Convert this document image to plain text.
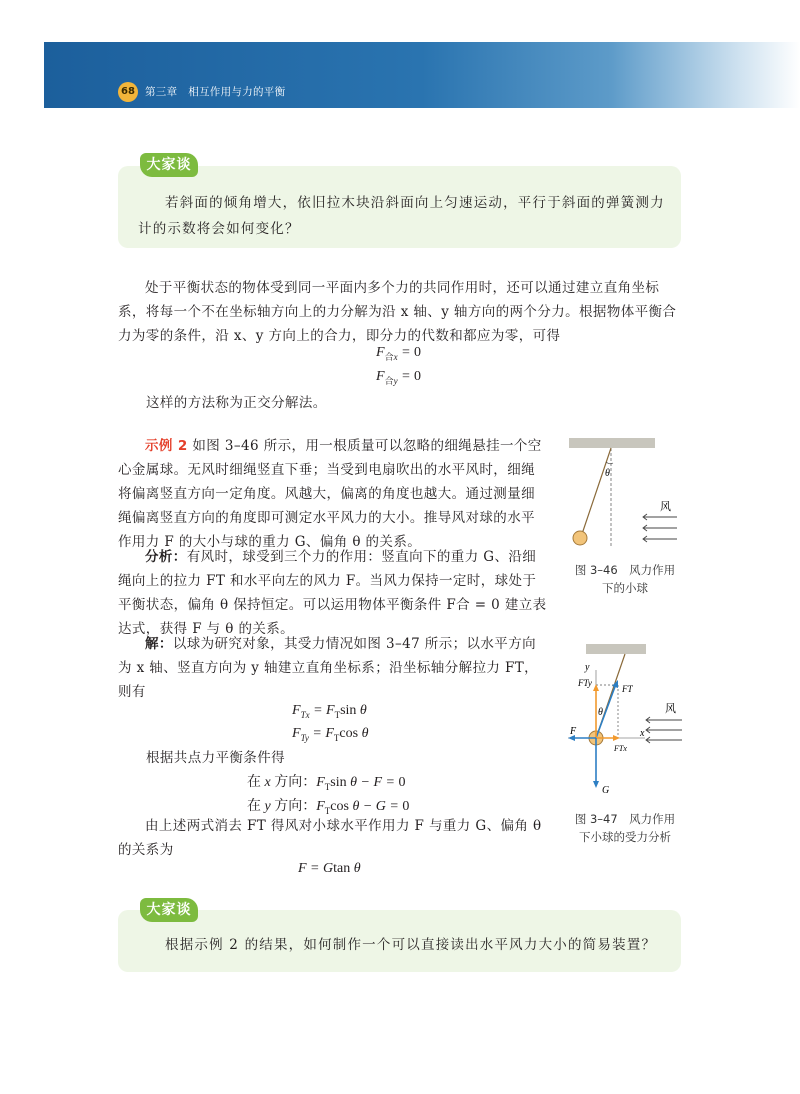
68 第三章　相互作用与力的平衡
大家谈
若斜面的倾角增大，依旧拉木块沿斜面向上匀速运动，平行于斜面的弹簧测力计的示数将会如何变化？
处于平衡状态的物体受到同一平面内多个力的共同作用时，还可以通过建立直角坐标系，将每一个不在坐标轴方向上的力分解为沿 x 轴、y 轴方向的两个分力。根据物体平衡合力为零的条件，沿 x、y 方向上的合力，即分力的代数和都应为零，可得
$F_{合x} = 0$
$F_{合y} = 0$
这样的方法称为正交分解法。
示例 2 如图 3–46 所示，用一根质量可以忽略的细绳悬挂一个空心金属球。无风时细绳竖直下垂；当受到电扇吹出的水平风时，细绳将偏离竖直方向一定角度。风越大，偏离的角度也越大。通过测量细绳偏离竖直方向的角度即可测定水平风力的大小。推导风对球的水平作用力 F 的大小与球的重力 G、偏角 θ 的关系。
分析：有风时，球受到三个力的作用：竖直向下的重力 G、沿细绳向上的拉力 FT 和水平向左的风力 F。当风力保持一定时，球处于平衡状态，偏角 θ 保持恒定。可以运用物体平衡条件 F合 = 0 建立表达式，获得 F 与 θ 的关系。
解：以球为研究对象，其受力情况如图 3–47 所示；以水平方向为 x 轴、竖直方向为 y 轴建立直角坐标系；沿坐标轴分解拉力 FT，则有
$F_{Tx} = F_T\sin$ θ
$F_{Ty} = F_T\cos$ θ
根据共点力平衡条件得
在 x 方向：$F_T\sin$ θ − F = 0
在 y 方向：$F_T\cos$ θ − G = 0
由上述两式消去 FT 得风对小球水平作用力 F 与重力 G、偏角 θ 的关系为
F = Gtan θ
θ
风
图 3–46　风力作用
下的小球
y
x
FTy
FT
θ
F
FTx
G
风
图 3–47　风力作用
下小球的受力分析
大家谈
根据示例 2 的结果，如何制作一个可以直接读出水平风力大小的简易装置？
